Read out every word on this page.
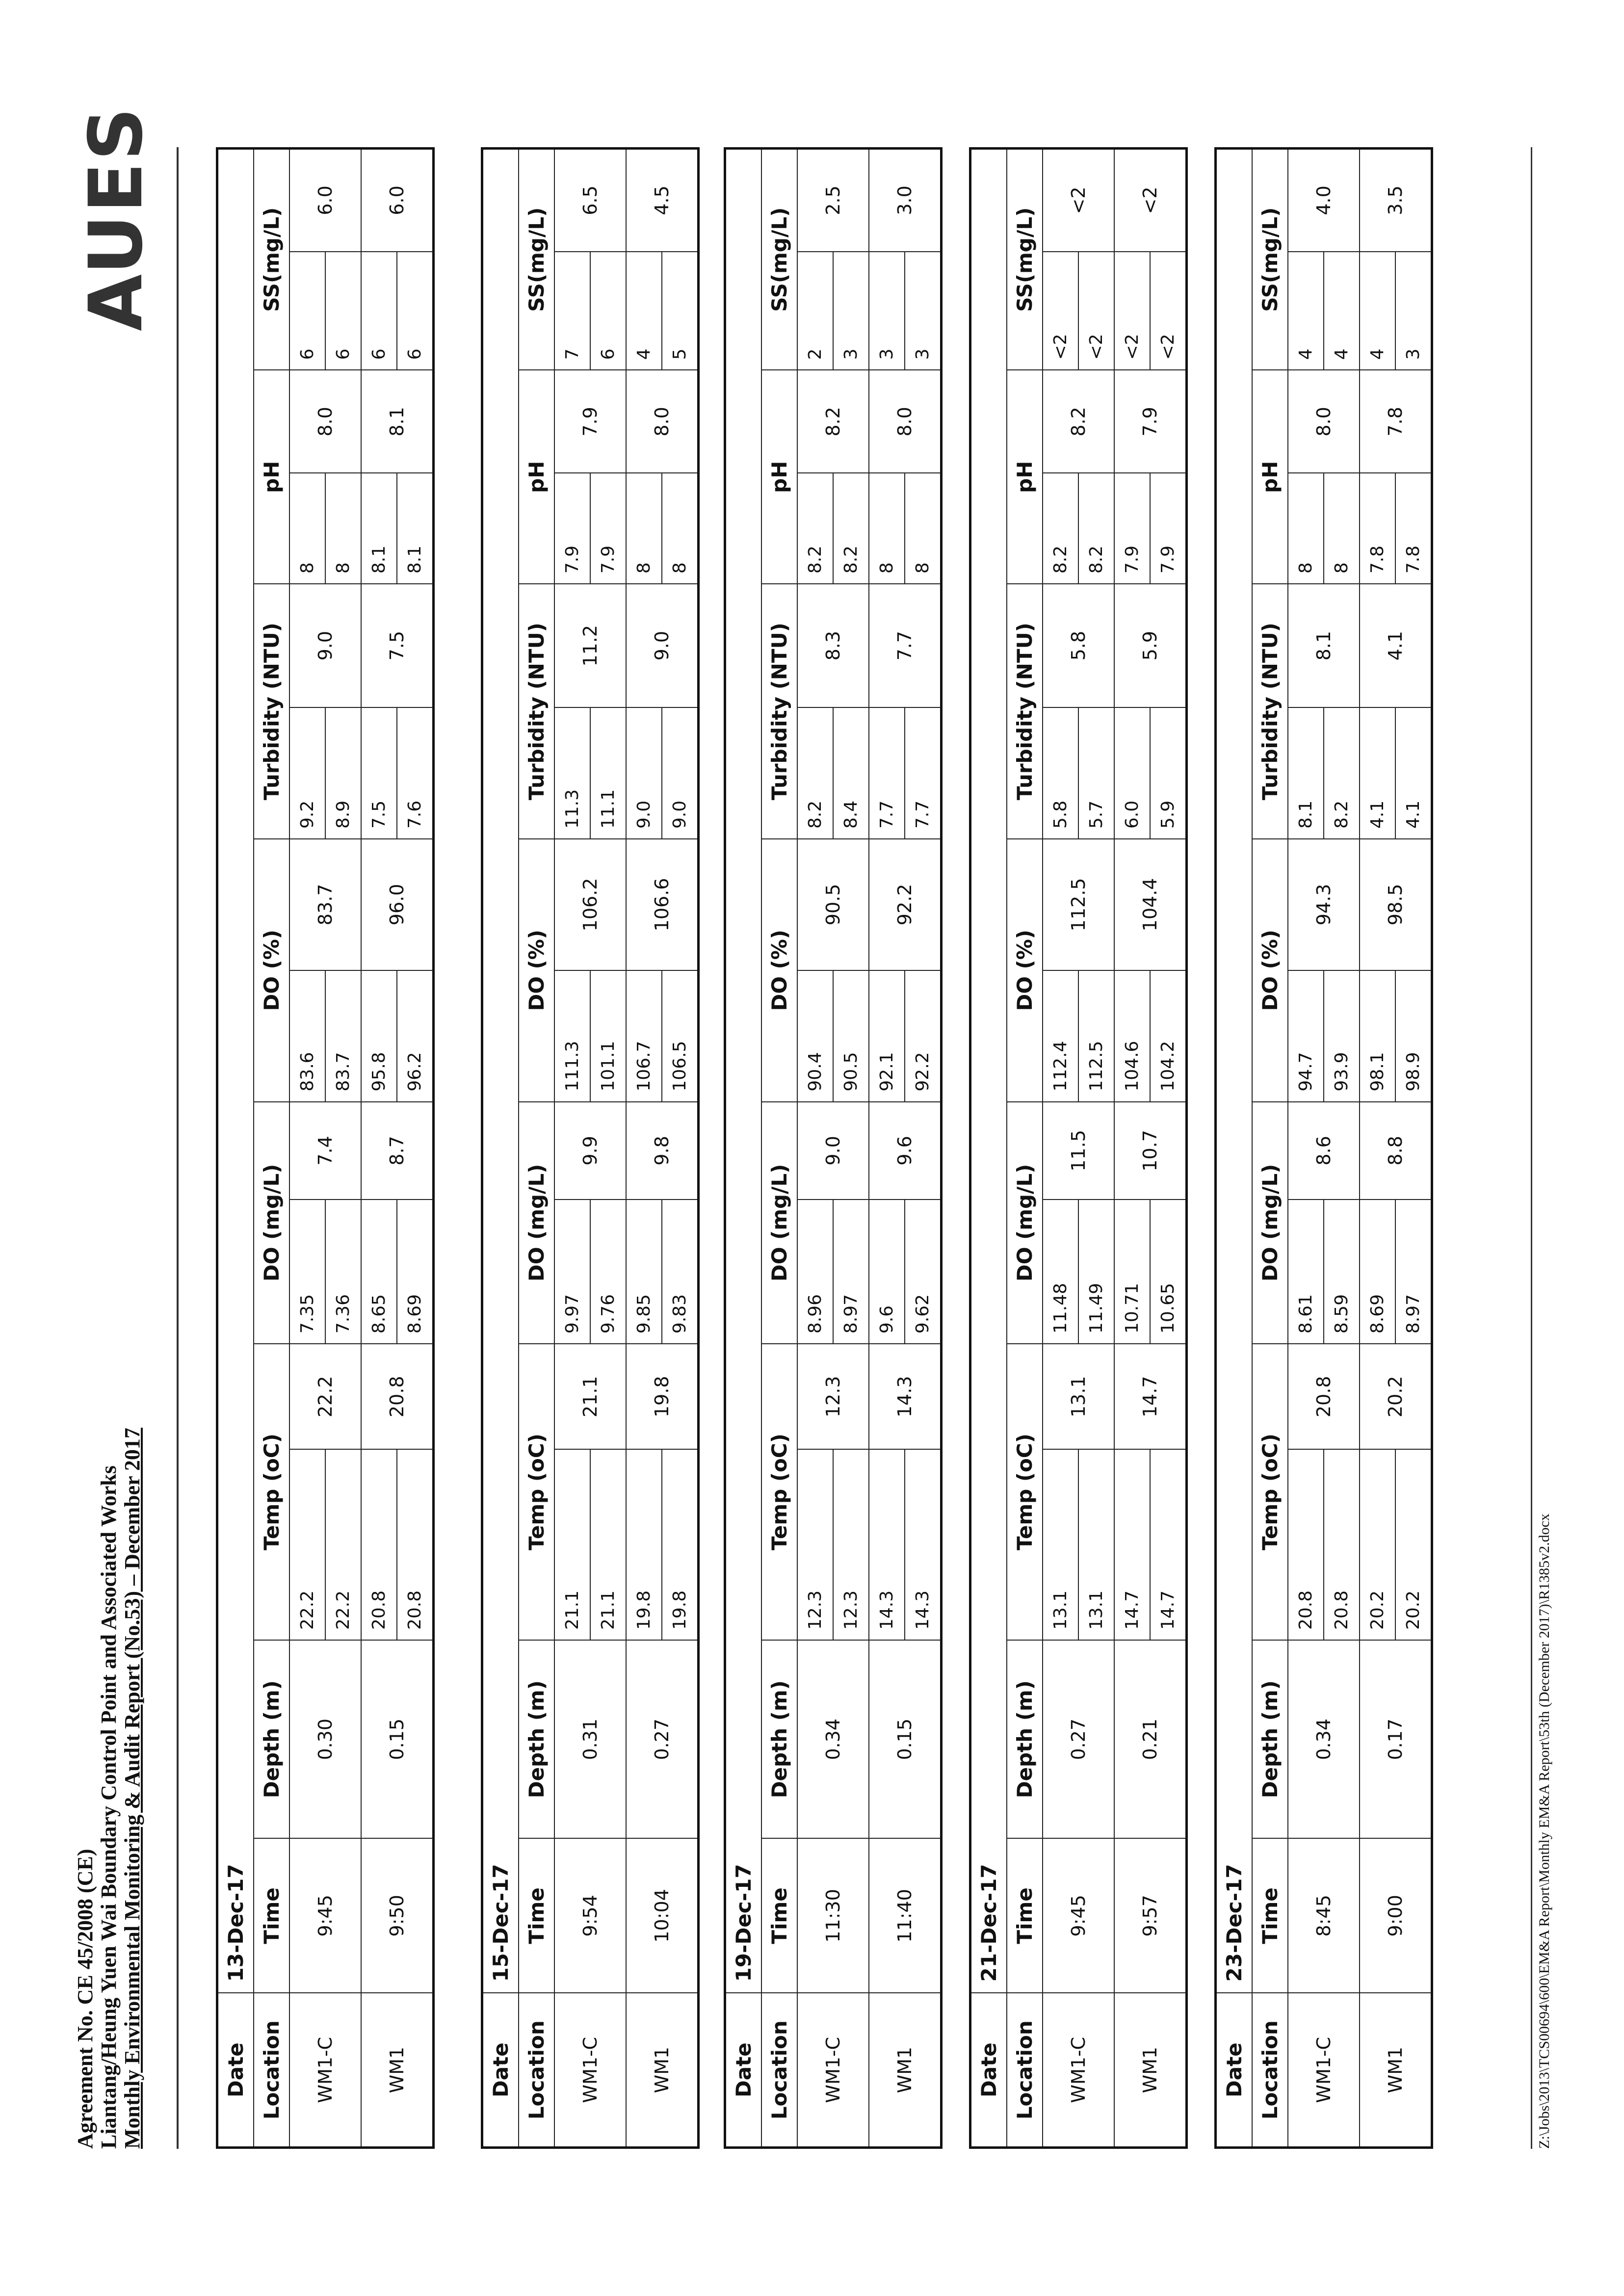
Agreement No. CE 45/2008 (CE) Liantang/Heung Yuen Wai Boundary Control Point and Associated Works Monthly Environmental Monitoring & Audit Report (No.53) – December 2017
AUES
Date	13-Dec-17													
Location	Time	Depth (m)	Temp (oC)		DO (mg/L)		DO (%)		Turbidity (NTU)		pH		SS(mg/L)	
WM1-C	9:45	0.30	22.2	22.2	7.35	7.4	83.6	83.7	9.2	9.0	8	8.0	6	6.0
			22.2		7.36		83.7		8.9		8		6	
WM1	9:50	0.15	20.8	20.8	8.65	8.7	95.8	96.0	7.5	7.5	8.1	8.1	6	6.0
			20.8		8.69		96.2		7.6		8.1		6	
Date	15-Dec-17													
Location	Time	Depth (m)	Temp (oC)		DO (mg/L)		DO (%)		Turbidity (NTU)		pH		SS(mg/L)	
WM1-C	9:54	0.31	21.1	21.1	9.97	9.9	111.3	106.2	11.3	11.2	7.9	7.9	7	6.5
			21.1		9.76		101.1		11.1		7.9		6	
WM1	10:04	0.27	19.8	19.8	9.85	9.8	106.7	106.6	9.0	9.0	8	8.0	4	4.5
			19.8		9.83		106.5		9.0		8		5	
Date	19-Dec-17													
Location	Time	Depth (m)	Temp (oC)		DO (mg/L)		DO (%)		Turbidity (NTU)		pH		SS(mg/L)	
WM1-C	11:30	0.34	12.3	12.3	8.96	9.0	90.4	90.5	8.2	8.3	8.2	8.2	2	2.5
			12.3		8.97		90.5		8.4		8.2		3	
WM1	11:40	0.15	14.3	14.3	9.6	9.6	92.1	92.2	7.7	7.7	8	8.0	3	3.0
			14.3		9.62		92.2		7.7		8		3	
Date	21-Dec-17													
Location	Time	Depth (m)	Temp (oC)		DO (mg/L)		DO (%)		Turbidity (NTU)		pH		SS(mg/L)	
WM1-C	9:45	0.27	13.1	13.1	11.48	11.5	112.4	112.5	5.8	5.8	8.2	8.2	<2	<2
			13.1		11.49		112.5		5.7		8.2		<2	
WM1	9:57	0.21	14.7	14.7	10.71	10.7	104.6	104.4	6.0	5.9	7.9	7.9	<2	<2
			14.7		10.65		104.2		5.9		7.9		<2	
Date	23-Dec-17													
Location	Time	Depth (m)	Temp (oC)		DO (mg/L)		DO (%)		Turbidity (NTU)		pH		SS(mg/L)	
WM1-C	8:45	0.34	20.8	20.8	8.61	8.6	94.7	94.3	8.1	8.1	8	8.0	4	4.0
			20.8		8.59		93.9		8.2		8		4	
WM1	9:00	0.17	20.2	20.2	8.69	8.8	98.1	98.5	4.1	4.1	7.8	7.8	4	3.5
			20.2		8.97		98.9		4.1		7.8		3	
Z:\Jobs\2013\TCS00694\600\EM&A Report\Monthly EM&A Report\53th (December 2017)\R1385v2.docx
